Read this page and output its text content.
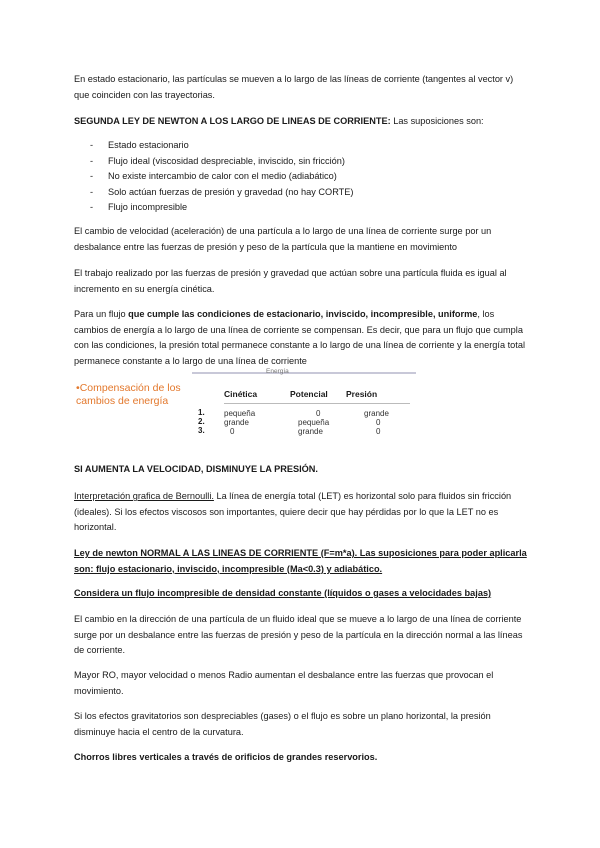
En estado estacionario, las partículas se mueven a lo largo de las líneas de corriente (tangentes al vector v) que coinciden con las trayectorias.

SEGUNDA LEY DE NEWTON A LOS LARGO DE LINEAS DE CORRIENTE: Las suposiciones son:

- Estado estacionario
- Flujo ideal (viscosidad despreciable, inviscido, sin fricción)
- No existe intercambio de calor con el medio (adiabático)
- Solo actúan fuerzas de presión y gravedad (no hay CORTE)
- Flujo incompresible

El cambio de velocidad (aceleración) de una partícula a lo largo de una línea de corriente surge por un desbalance entre las fuerzas de presión y peso de la partícula que la mantiene en movimiento

El trabajo realizado por las fuerzas de presión y gravedad que actúan sobre una partícula fluida es igual al incremento en su energía cinética.

Para un flujo que cumple las condiciones de estacionario, inviscido, incompresible, uniforme, los cambios de energía a lo largo de una línea de corriente se compensan. Es decir, que para un flujo que cumpla con las condiciones, la presión total permanece constante a lo largo de una línea de corriente y la energía total permanece constante a lo largo de una línea de corriente

Energía
•Compensación de los cambios de energía
Cinética	Potencial Presión
1. pequeña	0	grande
2. grande	pequeña	0
3.	0	grande	0

SI AUMENTA LA VELOCIDAD, DISMINUYE LA PRESIÓN.

Interpretación grafica de Bernoulli. La línea de energía total (LET) es horizontal solo para fluidos sin fricción (ideales). Si los efectos viscosos son importantes, quiere decir que hay pérdidas por lo que la LET no es horizontal.

Ley de newton NORMAL A LAS LINEAS DE CORRIENTE (F=m*a). Las suposiciones para poder aplicarla son: flujo estacionario, inviscido, incompresible (Ma<0.3) y adiabático.

Considera un flujo incompresible de densidad constante (líquidos o gases a velocidades bajas)

El cambio en la dirección de una partícula de un fluido ideal que se mueve a lo largo de una línea de corriente surge por un desbalance entre las fuerzas de presión y peso de la partícula en la dirección normal a las líneas de corriente.

Mayor RO, mayor velocidad o menos Radio aumentan el desbalance entre las fuerzas que provocan el movimiento.

Si los efectos gravitatorios son despreciables (gases) o el flujo es sobre un plano horizontal, la presión disminuye hacia el centro de la curvatura.

Chorros libres verticales a través de orificios de grandes reservorios.
